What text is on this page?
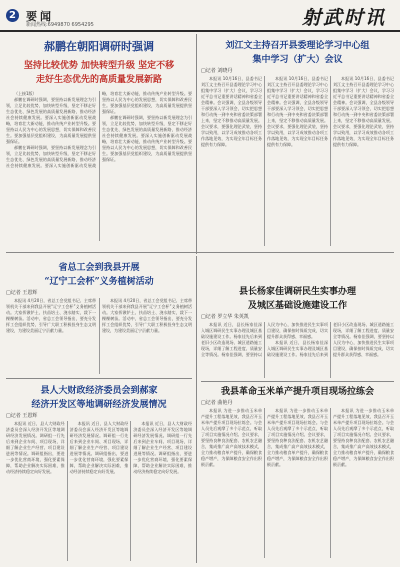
2 要闻
新闻热线:6949870 6954295	射武时讯
郝鹏在朝阳调研时强调
坚持比较优势 加快转型升级 坚定不移
走好生态优先的高质量发展新路
（上接1版）
郝鹏在调研时强调，要坚持以新发展理念为引领，立足比较优势，加快转型升级，坚定不移走好生态优先、绿色发展的高质量发展新路，推动经济社会持续健康发展。要深入实施创新驱动发展战略，培育壮大新动能，推动传统产业转型升级。要坚持以人民为中心的发展思想，切实保障和改善民生。要加强基层党组织建设，为高质量发展提供坚强保证。
郝鹏在调研时强调，要坚持以新发展理念为引领，立足比较优势，加快转型升级，坚定不移走好生态优先、绿色发展的高质量发展新路，推动经济社会持续健康发展。要深入实施创新驱动发展战略，培育壮大新动能，推动传统产业转型升级。要坚持以人民为中心的发展思想，切实保障和改善民生。要加强基层党组织建设，为高质量发展提供坚强保证。
郝鹏在调研时强调，要坚持以新发展理念为引领，立足比较优势，加快转型升级，坚定不移走好生态优先、绿色发展的高质量发展新路，推动经济社会持续健康发展。要深入实施创新驱动发展战略，培育壮大新动能，推动传统产业转型升级。要坚持以人民为中心的发展思想，切实保障和改善民生。要加强基层党组织建设，为高质量发展提供坚强保证。
刘江文主持召开县委理论学习中心组
集中学习（扩大）会议
□记者 刘晓丹
本报讯 10月16日，县委书记刘江文主持召开县委理论学习中心组集中学习（扩大）会议，学习习近平总书记重要讲话精神和省委全会精神。会议强调，全县各级领导干部要深入学习领会，切实把思想和行动统一到中央和省委决策部署上来，坚定不移推动高质量发展。会议要求，要强化理论武装，坚持学以致用，以学习成效推动各项工作落地见效，为实现全年目标任务提供有力保障。
本报讯 10月16日，县委书记刘江文主持召开县委理论学习中心组集中学习（扩大）会议，学习习近平总书记重要讲话精神和省委全会精神。会议强调，全县各级领导干部要深入学习领会，切实把思想和行动统一到中央和省委决策部署上来，坚定不移推动高质量发展。会议要求，要强化理论武装，坚持学以致用，以学习成效推动各项工作落地见效，为实现全年目标任务提供有力保障。
本报讯 10月16日，县委书记刘江文主持召开县委理论学习中心组集中学习（扩大）会议，学习习近平总书记重要讲话精神和省委全会精神。会议强调，全县各级领导干部要深入学习领会，切实把思想和行动统一到中央和省委决策部署上来，坚定不移推动高质量发展。会议要求，要强化理论武装，坚持学以致用，以学习成效推动各项工作落地见效，为实现全年目标任务提供有力保障。
省总工会到我县开展
“辽宁工会杯”义务植树活动
□记者 王恩辉
本报讯 4月20日，省总工会党组书记、主席带领机关干部来到我县开展“辽宁工会杯”义务植树活动。大家挥锹铲土、扶苗培土、浇水踏实，栽下一棵棵树苗。活动中，省总工会领导指出，要充分发挥工会组织优势，引导广大职工积极投身生态文明建设，为建设美丽辽宁贡献力量。
本报讯 4月20日，省总工会党组书记、主席带领机关干部来到我县开展“辽宁工会杯”义务植树活动。大家挥锹铲土、扶苗培土、浇水踏实，栽下一棵棵树苗。活动中，省总工会领导指出，要充分发挥工会组织优势，引导广大职工积极投身生态文明建设，为建设美丽辽宁贡献力量。
县长杨家佳调研民生实事办理
及城区基础设施建设工作
□记者 罗立华 朱英凯
本报讯 近日，县长杨家佳深入城区调研民生实事办理及城区基础设施建设工作。杨家佳先后来到老旧小区改造现场、城区道路施工现场，详细了解工程进度、质量安全等情况。杨家佳强调，要坚持以人民为中心，加快推进民生实事项目建设，确保按时保质完成，切实提升群众获得感、幸福感。
本报讯 近日，县长杨家佳深入城区调研民生实事办理及城区基础设施建设工作。杨家佳先后来到老旧小区改造现场、城区道路施工现场，详细了解工程进度、质量安全等情况。杨家佳强调，要坚持以人民为中心，加快推进民生实事项目建设，确保按时保质完成，切实提升群众获得感、幸福感。
县人大财政经济委员会到郝家
经济开发区等地调研经济发展情况
□记者 王恩辉
本报讯 近日，县人大财政经济委员会深入经济开发区等地调研经济发展情况。调研组一行先后来到企业车间、项目现场，详细了解企业生产经营、项目建设进展等情况。调研组指出，要进一步优化营商环境，强化要素保障，帮助企业解决实际困难，推动经济持续稳定向好发展。
本报讯 近日，县人大财政经济委员会深入经济开发区等地调研经济发展情况。调研组一行先后来到企业车间、项目现场，详细了解企业生产经营、项目建设进展等情况。调研组指出，要进一步优化营商环境，强化要素保障，帮助企业解决实际困难，推动经济持续稳定向好发展。
本报讯 近日，县人大财政经济委员会深入经济开发区等地调研经济发展情况。调研组一行先后来到企业车间、项目现场，详细了解企业生产经营、项目建设进展等情况。调研组指出，要进一步优化营商环境，强化要素保障，帮助企业解决实际困难，推动经济持续稳定向好发展。
我县革命玉米单产提升项目现场拉练会
□记者 曲艳丹
本报讯 为进一步推动玉米单产提升工程落地见效，我县召开玉米单产提升项目现场拉练会。与会人员先后观摩了多个示范点，听取了项目实施情况介绍。会议要求，要坚持良种良法配套、农机农艺融合，集成推广高产高效技术模式，全力推动粮食单产提升，确保粮食稳产增产，为保障粮食安全作出积极贡献。
本报讯 为进一步推动玉米单产提升工程落地见效，我县召开玉米单产提升项目现场拉练会。与会人员先后观摩了多个示范点，听取了项目实施情况介绍。会议要求，要坚持良种良法配套、农机农艺融合，集成推广高产高效技术模式，全力推动粮食单产提升，确保粮食稳产增产，为保障粮食安全作出积极贡献。
本报讯 为进一步推动玉米单产提升工程落地见效，我县召开玉米单产提升项目现场拉练会。与会人员先后观摩了多个示范点，听取了项目实施情况介绍。会议要求，要坚持良种良法配套、农机农艺融合，集成推广高产高效技术模式，全力推动粮食单产提升，确保粮食稳产增产，为保障粮食安全作出积极贡献。
